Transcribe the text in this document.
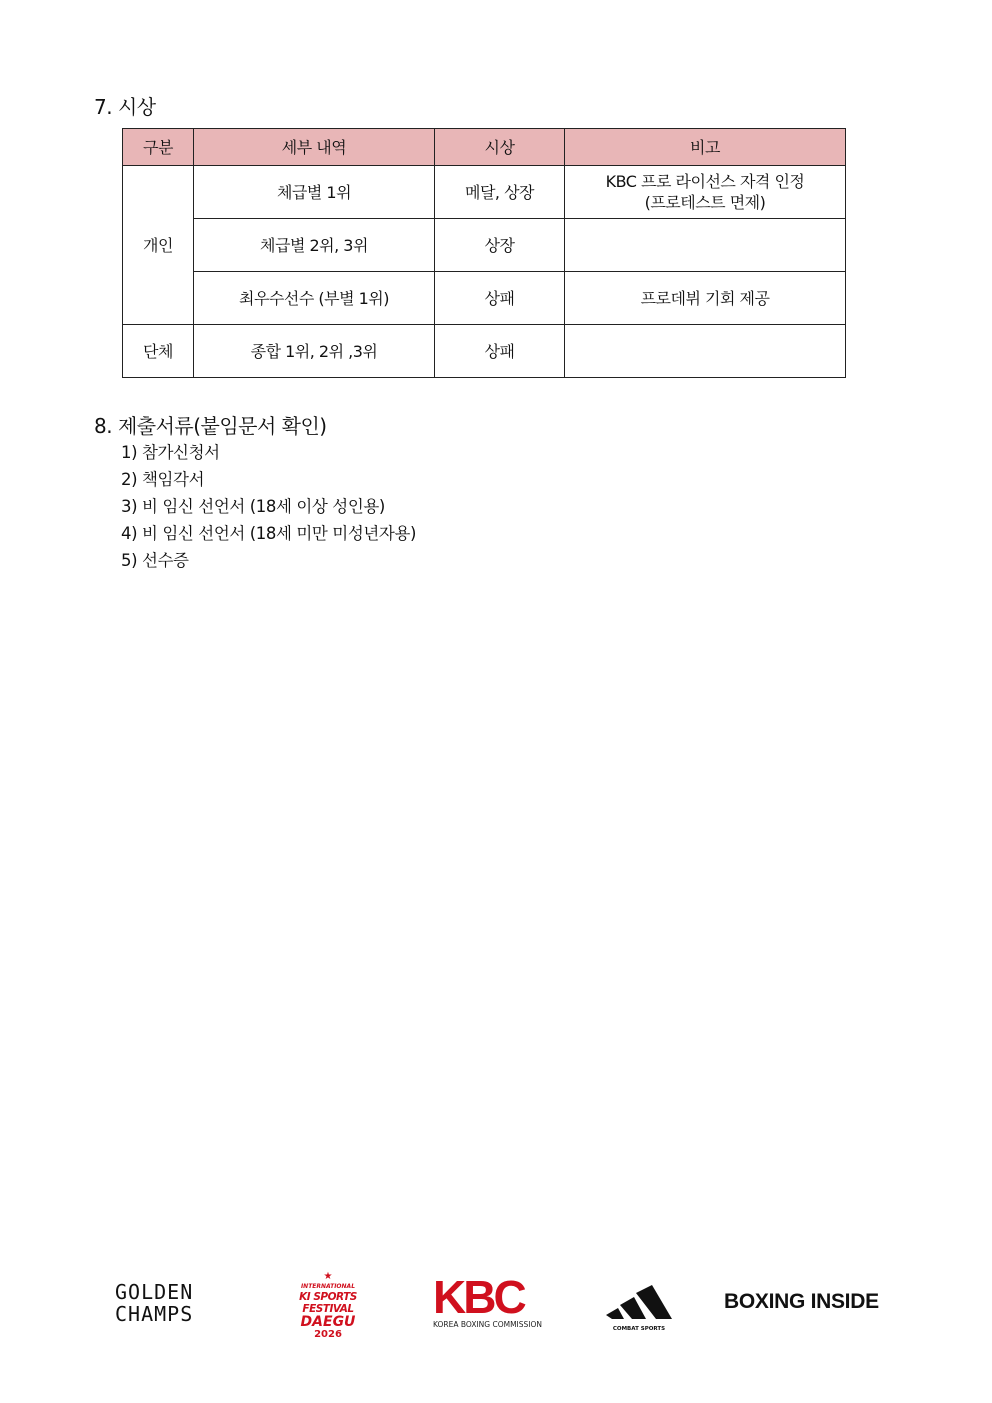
7. 시상
구분	세부 내역	시상	비고
개인	체급별 1위	메달, 상장	KBC 프로 라이선스 자격 인정
(프로테스트 면제)

	체급별 2위, 3위	상장	
	최우수선수 (부별 1위)	상패	프로데뷔 기회 제공
단체	종합 1위, 2위 ,3위	상패	
8. 제출서류(붙임문서 확인)
1) 참가신청서
2) 책임각서
3) 비 임신 선언서 (18세 이상 성인용)
4) 비 임신 선언서 (18세 미만 미성년자용)
5) 선수증
GOLDEN
CHAMPS
★
INTERNATIONAL
KI SPORTS FESTIVAL
DAEGU
2026
KBC
KOREA BOXING COMMISSION	COMBAT SPORTS
BOXING INSIDE
